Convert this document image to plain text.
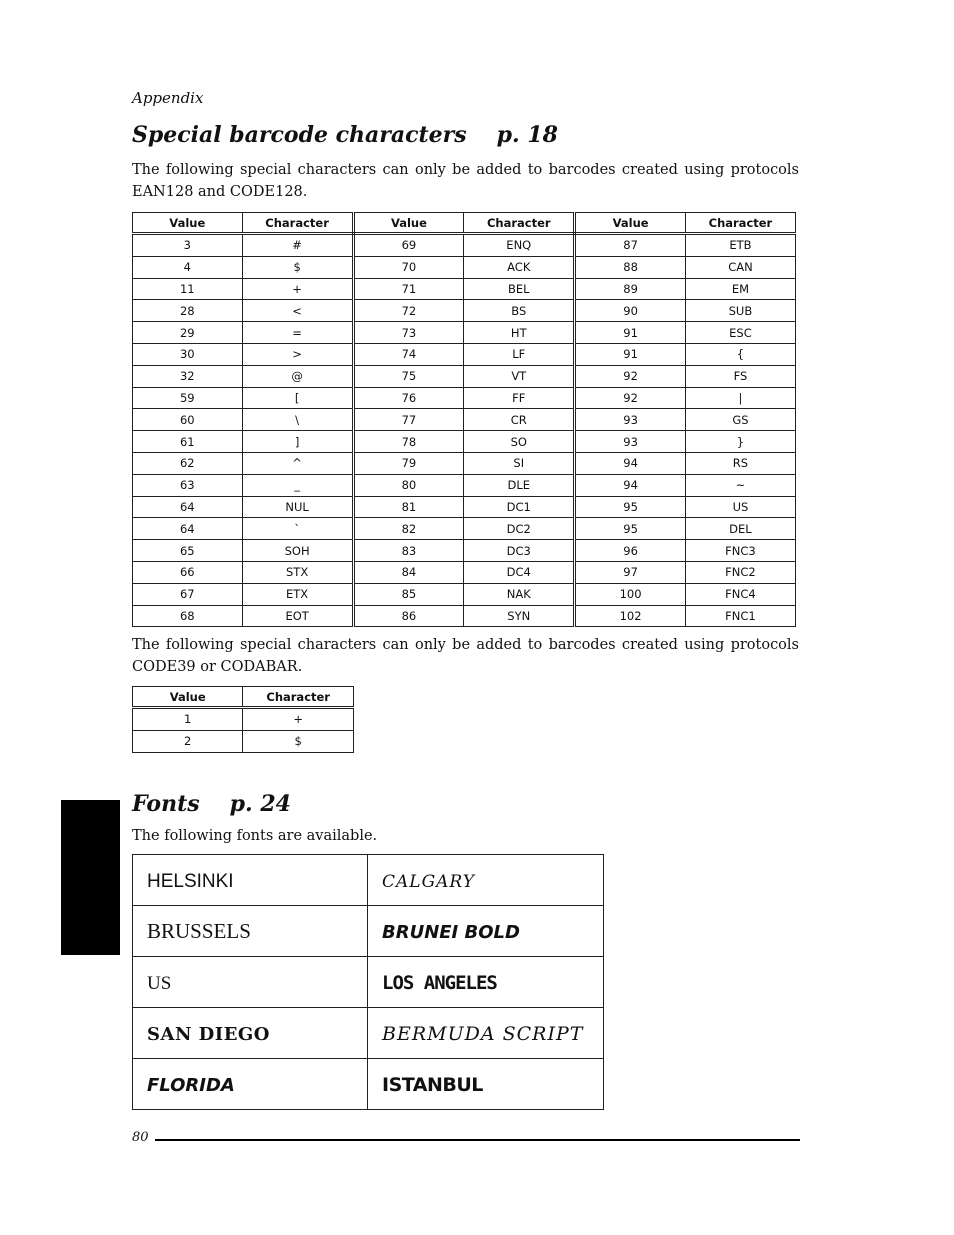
Appendix
Special barcode characters p. 18

The following special characters can only be added to barcodes created using protocols EAN128 and CODE128.

Value	Character	Value	Character	Value	Character
3	#	69	ENQ	87	ETB
4	$	70	ACK	88	CAN
11	+	71	BEL	89	EM
28	<	72	BS	90	SUB
29	=	73	HT	91	ESC
30	>	74	LF	91	{
32	@	75	VT	92	FS
59	[	76	FF	92	|
60	\	77	CR	93	GS
61	]	78	SO	93	}
62	^	79	SI	94	RS
63	_	80	DLE	94	~
64	NUL	81	DC1	95	US
64	`	82	DC2	95	DEL
65	SOH	83	DC3	96	FNC3
66	STX	84	DC4	97	FNC2
67	ETX	85	NAK	100	FNC4
68	EOT	86	SYN	102	FNC1

The following special characters can only be added to barcodes created using protocols CODE39 or CODABAR.

Value	Character
1	+
2	$
Fonts p. 24

The following fonts are available.

HELSINKI	CALGARY
BRUSSELS	BRUNEI BOLD
US	LOS ANGELES
SAN DIEGO	BERMUDA SCRIPT
FLORIDA	ISTANBUL
80
